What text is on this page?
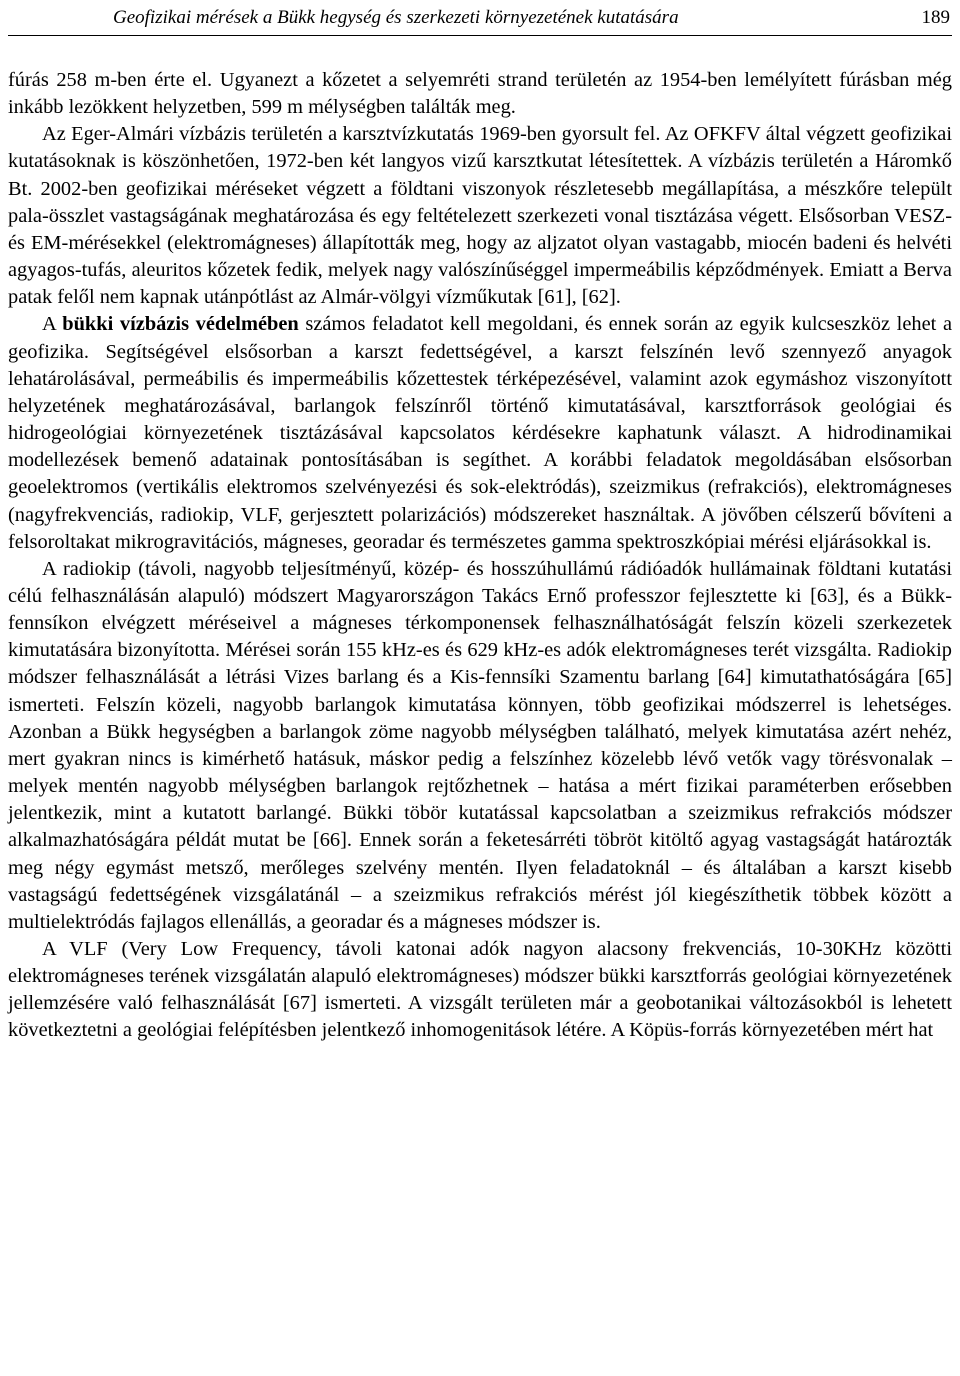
Geofizikai mérések a Bükk hegység és szerkezeti környezetének kutatására	189

fúrás 258 m-ben érte el. Ugyanezt a kőzetet a selyemréti strand területén az 1954-ben lemélyített fúrásban még inkább lezökkent helyzetben, 599 m mélységben találták meg.

Az Eger-Almári vízbázis területén a karsztvízkutatás 1969-ben gyorsult fel. Az OFKFV által végzett geofizikai kutatásoknak is köszönhetően, 1972-ben két langyos vizű karsztkutat létesítettek. A vízbázis területén a Háromkő Bt. 2002-ben geofizikai méréseket végzett a földtani viszonyok részletesebb megállapítása, a mészkőre települt pala-összlet vastagságának meghatározása és egy feltételezett szerkezeti vonal tisztázása végett. Elsősorban VESZ- és EM-mérésekkel (elektromágneses) állapították meg, hogy az aljzatot olyan vastagabb, miocén badeni és helvéti agyagos-tufás, aleuritos kőzetek fedik, melyek nagy valószínűséggel impermeábilis képződmények. Emiatt a Berva patak felől nem kapnak utánpótlást az Almár-völgyi vízműkutak [61], [62].

A bükki vízbázis védelmében számos feladatot kell megoldani, és ennek során az egyik kulcseszköz lehet a geofizika. Segítségével elsősorban a karszt fedettségével, a karszt felszínén levő szennyező anyagok lehatárolásával, permeábilis és impermeábilis kőzettestek térképezésével, valamint azok egymáshoz viszonyított helyzetének meghatározásával, barlangok felszínről történő kimutatásával, karsztforrások geológiai és hidrogeológiai környezetének tisztázásával kapcsolatos kérdésekre kaphatunk választ. A hidrodinamikai modellezések bemenő adatainak pontosításában is segíthet. A korábbi feladatok megoldásában elsősorban geoelektromos (vertikális elektromos szelvényezési és sok-elektródás), szeizmikus (refrakciós), elektromágneses (nagyfrekvenciás, radiokip, VLF, gerjesztett polarizációs) módszereket használtak. A jövőben célszerű bővíteni a felsoroltakat mikrogravitációs, mágneses, georadar és természetes gamma spektroszkópiai mérési eljárásokkal is.

A radiokip (távoli, nagyobb teljesítményű, közép- és hosszúhullámú rádióadók hullámainak földtani kutatási célú felhasználásán alapuló) módszert Magyarországon Takács Ernő professzor fejlesztette ki [63], és a Bükk-fennsíkon elvégzett méréseivel a mágneses térkomponensek felhasználhatóságát felszín közeli szerkezetek kimutatására bizonyította. Mérései során 155 kHz-es és 629 kHz-es adók elektromágneses terét vizsgálta. Radiokip módszer felhasználását a létrási Vizes barlang és a Kis-fennsíki Szamentu barlang [64] kimutathatóságára [65] ismerteti. Felszín közeli, nagyobb barlangok kimutatása könnyen, több geofizikai módszerrel is lehetséges. Azonban a Bükk hegységben a barlangok zöme nagyobb mélységben található, melyek kimutatása azért nehéz, mert gyakran nincs is kimérhető hatásuk, máskor pedig a felszínhez közelebb lévő vetők vagy törésvonalak – melyek mentén nagyobb mélységben barlangok rejtőzhetnek – hatása a mért fizikai paraméterben erősebben jelentkezik, mint a kutatott barlangé. Bükki töbör kutatással kapcsolatban a szeizmikus refrakciós módszer alkalmazhatóságára példát mutat be [66]. Ennek során a feketesárréti töbröt kitöltő agyag vastagságát határozták meg négy egymást metsző, merőleges szelvény mentén. Ilyen feladatoknál – és általában a karszt kisebb vastagságú fedettségének vizsgálatánál – a szeizmikus refrakciós mérést jól kiegészíthetik többek között a multielektródás fajlagos ellenállás, a georadar és a mágneses módszer is.

A VLF (Very Low Frequency, távoli katonai adók nagyon alacsony frekvenciás, 10-30KHz közötti elektromágneses terének vizsgálatán alapuló elektromágneses) módszer bükki karsztforrás geológiai környezetének jellemzésére való felhasználását [67] ismerteti. A vizsgált területen már a geobotanikai változásokból is lehetett következtetni a geológiai felépítésben jelentkező inhomogenitások létére. A Köpüs-forrás környezetében mért hat
